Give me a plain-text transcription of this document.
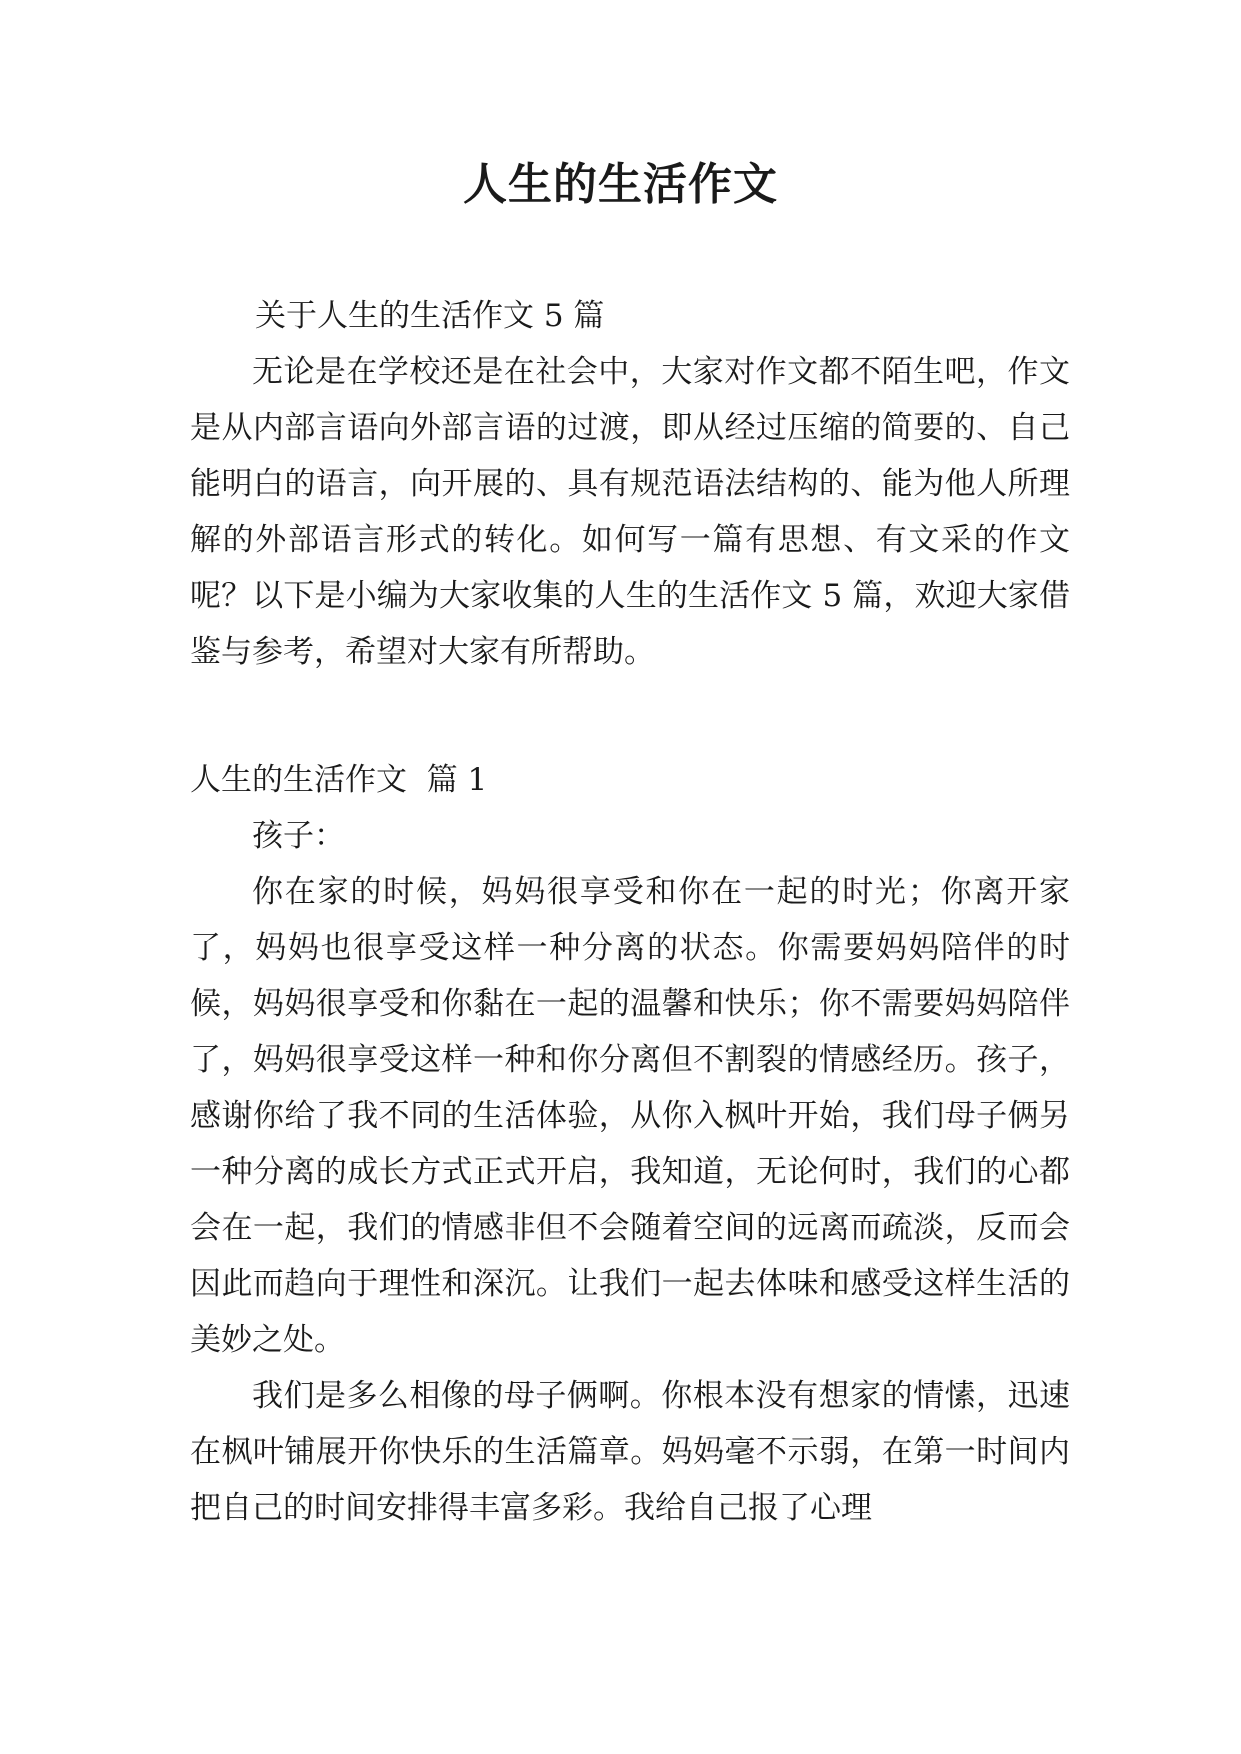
人生的生活作文
关于人生的生活作文 5 篇

无论是在学校还是在社会中，大家对作文都不陌生吧，作文是从内部言语向外部言语的过渡，即从经过压缩的简要的、自己能明白的语言，向开展的、具有规范语法结构的、能为他人所理解的外部语言形式的转化。如何写一篇有思想、有文采的作文呢？以下是小编为大家收集的人生的生活作文 5 篇，欢迎大家借鉴与参考，希望对大家有所帮助。

人生的生活作文  篇 1

孩子：

你在家的时候，妈妈很享受和你在一起的时光；你离开家了，妈妈也很享受这样一种分离的状态。你需要妈妈陪伴的时候，妈妈很享受和你黏在一起的温馨和快乐；你不需要妈妈陪伴了，妈妈很享受这样一种和你分离但不割裂的情感经历。孩子，感谢你给了我不同的生活体验，从你入枫叶开始，我们母子俩另一种分离的成长方式正式开启，我知道，无论何时，我们的心都会在一起，我们的情感非但不会随着空间的远离而疏淡，反而会因此而趋向于理性和深沉。让我们一起去体味和感受这样生活的美妙之处。

我们是多么相像的母子俩啊。你根本没有想家的情愫，迅速在枫叶铺展开你快乐的生活篇章。妈妈毫不示弱，在第一时间内把自己的时间安排得丰富多彩。我给自己报了心理
